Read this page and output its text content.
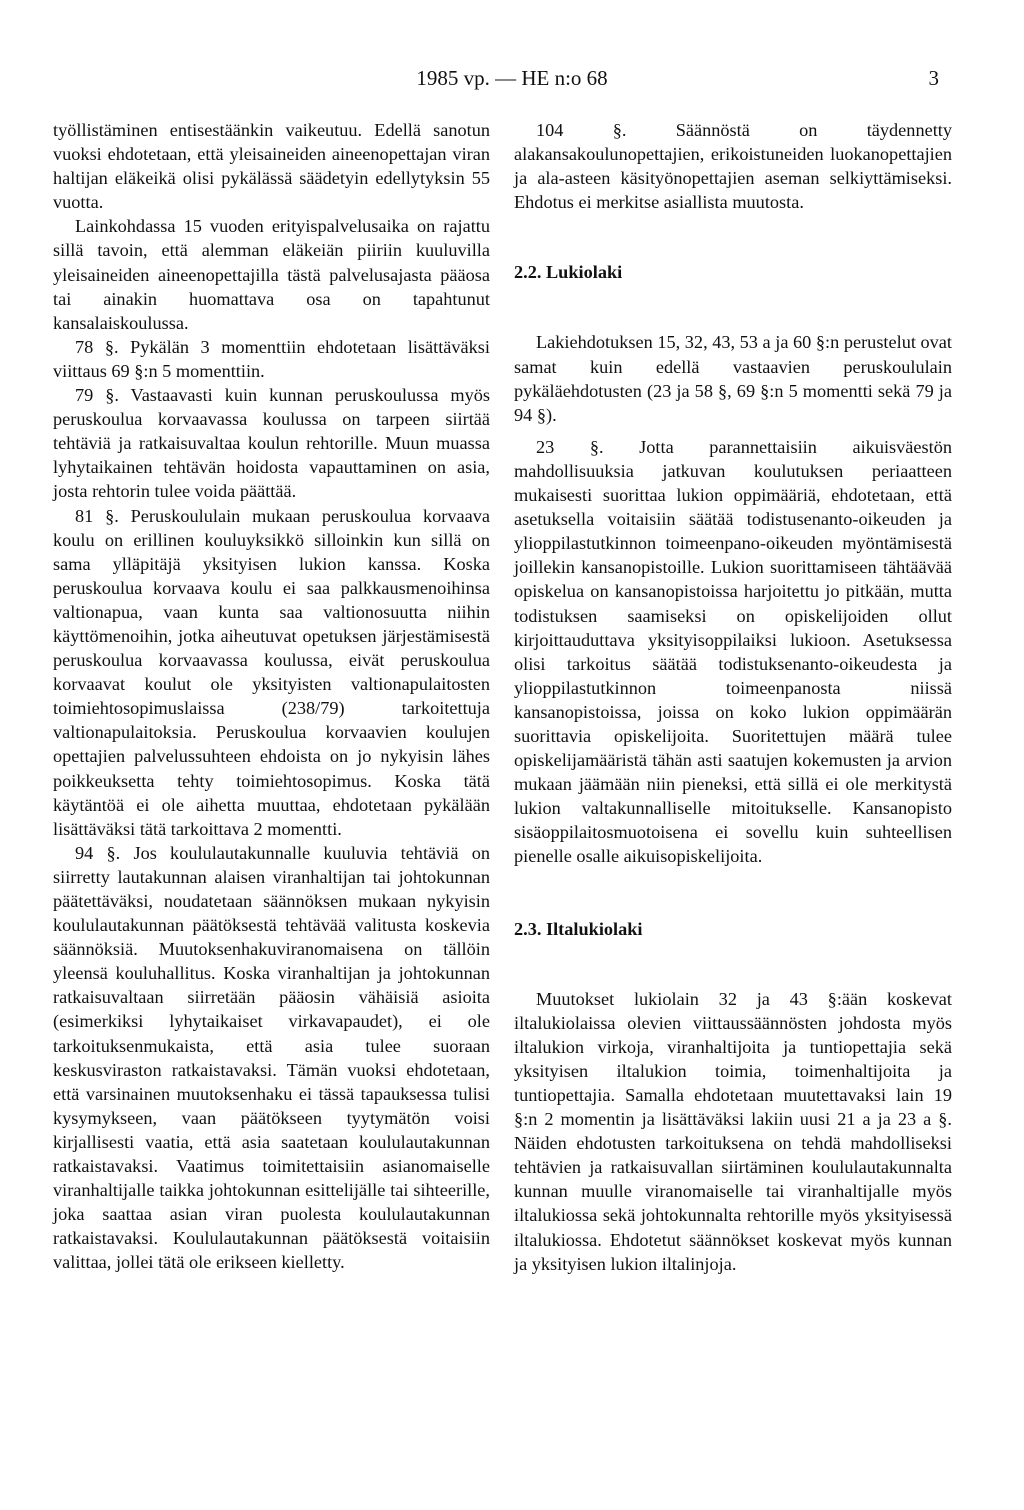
1985 vp. — HE n:o 68	3

työllistäminen entisestäänkin vaikeutuu. Edellä sanotun vuoksi ehdotetaan, että yleisaineiden aineenopettajan viran haltijan eläkeikä olisi pykälässä säädetyin edellytyksin 55 vuotta.

Lainkohdassa 15 vuoden erityispalvelusaika on rajattu sillä tavoin, että alemman eläkeiän piiriin kuuluvilla yleisaineiden aineenopettajilla tästä palvelusajasta pääosa tai ainakin huomattava osa on tapahtunut kansalaiskoulussa.

78 §. Pykälän 3 momenttiin ehdotetaan lisättäväksi viittaus 69 §:n 5 momenttiin.

79 §. Vastaavasti kuin kunnan peruskoulussa myös peruskoulua korvaavassa koulussa on tarpeen siirtää tehtäviä ja ratkaisuvaltaa koulun rehtorille. Muun muassa lyhytaikainen tehtävän hoidosta vapauttaminen on asia, josta rehtorin tulee voida päättää.

81 §. Peruskoululain mukaan peruskoulua korvaava koulu on erillinen kouluyksikkö silloinkin kun sillä on sama ylläpitäjä yksityisen lukion kanssa. Koska peruskoulua korvaava koulu ei saa palkkausmenoihinsa valtionapua, vaan kunta saa valtionosuutta niihin käyttömenoihin, jotka aiheutuvat opetuksen järjestämisestä peruskoulua korvaavassa koulussa, eivät peruskoulua korvaavat koulut ole yksityisten valtionapulaitosten toimiehtosopimuslaissa (238/79) tarkoitettuja valtionapulaitoksia. Peruskoulua korvaavien koulujen opettajien palvelussuhteen ehdoista on jo nykyisin lähes poikkeuksetta tehty toimiehtosopimus. Koska tätä käytäntöä ei ole aihetta muuttaa, ehdotetaan pykälään lisättäväksi tätä tarkoittava 2 momentti.

94 §. Jos koululautakunnalle kuuluvia tehtäviä on siirretty lautakunnan alaisen viranhaltijan tai johtokunnan päätettäväksi, noudatetaan säännöksen mukaan nykyisin koululautakunnan päätöksestä tehtävää valitusta koskevia säännöksiä. Muutoksenhakuviranomaisena on tällöin yleensä kouluhallitus. Koska viranhaltijan ja johtokunnan ratkaisuvaltaan siirretään pääosin vähäisiä asioita (esimerkiksi lyhytaikaiset virkavapaudet), ei ole tarkoituksenmukaista, että asia tulee suoraan keskusviraston ratkaistavaksi. Tämän vuoksi ehdotetaan, että varsinainen muutoksenhaku ei tässä tapauksessa tulisi kysymykseen, vaan päätökseen tyytymätön voisi kirjallisesti vaatia, että asia saatetaan koululautakunnan ratkaistavaksi. Vaatimus toimitettaisiin asianomaiselle viranhaltijalle taikka johtokunnan esittelijälle tai sihteerille, joka saattaa asian viran puolesta koululautakunnan ratkaistavaksi. Koululautakunnan päätöksestä voitaisiin valittaa, jollei tätä ole erikseen kielletty.

104 §. Säännöstä on täydennetty alakansakoulunopettajien, erikoistuneiden luokanopettajien ja ala-asteen käsityönopettajien aseman selkiyttämiseksi. Ehdotus ei merkitse asiallista muutosta.

2.2. Lukiolaki

Lakiehdotuksen 15, 32, 43, 53 a ja 60 §:n perustelut ovat samat kuin edellä vastaavien peruskoululain pykäläehdotusten (23 ja 58 §, 69 §:n 5 momentti sekä 79 ja 94 §).

23 §. Jotta parannettaisiin aikuisväestön mahdollisuuksia jatkuvan koulutuksen periaatteen mukaisesti suorittaa lukion oppimääriä, ehdotetaan, että asetuksella voitaisiin säätää todistusenanto-oikeuden ja ylioppilastutkinnon toimeenpano-oikeuden myöntämisestä joillekin kansanopistoille. Lukion suorittamiseen tähtäävää opiskelua on kansanopistoissa harjoitettu jo pitkään, mutta todistuksen saamiseksi on opiskelijoiden ollut kirjoittauduttava yksityisoppilaiksi lukioon. Asetuksessa olisi tarkoitus säätää todistuksenanto-oikeudesta ja ylioppilastutkinnon toimeenpanosta niissä kansanopistoissa, joissa on koko lukion oppimäärän suorittavia opiskelijoita. Suoritettujen määrä tulee opiskelijamääristä tähän asti saatujen kokemusten ja arvion mukaan jäämään niin pieneksi, että sillä ei ole merkitystä lukion valtakunnalliselle mitoitukselle. Kansanopisto sisäoppilaitosmuotoisena ei sovellu kuin suhteellisen pienelle osalle aikuisopiskelijoita.

2.3. Iltalukiolaki

Muutokset lukiolain 32 ja 43 §:ään koskevat iltalukiolaissa olevien viittaussäännösten johdosta myös iltalukion virkoja, viranhaltijoita ja tuntiopettajia sekä yksityisen iltalukion toimia, toimenhaltijoita ja tuntiopettajia. Samalla ehdotetaan muutettavaksi lain 19 §:n 2 momentin ja lisättäväksi lakiin uusi 21 a ja 23 a §. Näiden ehdotusten tarkoituksena on tehdä mahdolliseksi tehtävien ja ratkaisuvallan siirtäminen koululautakunnalta kunnan muulle viranomaiselle tai viranhaltijalle myös iltalukiossa sekä johtokunnalta rehtorille myös yksityisessä iltalukiossa. Ehdotetut säännökset koskevat myös kunnan ja yksityisen lukion iltalinjoja.
